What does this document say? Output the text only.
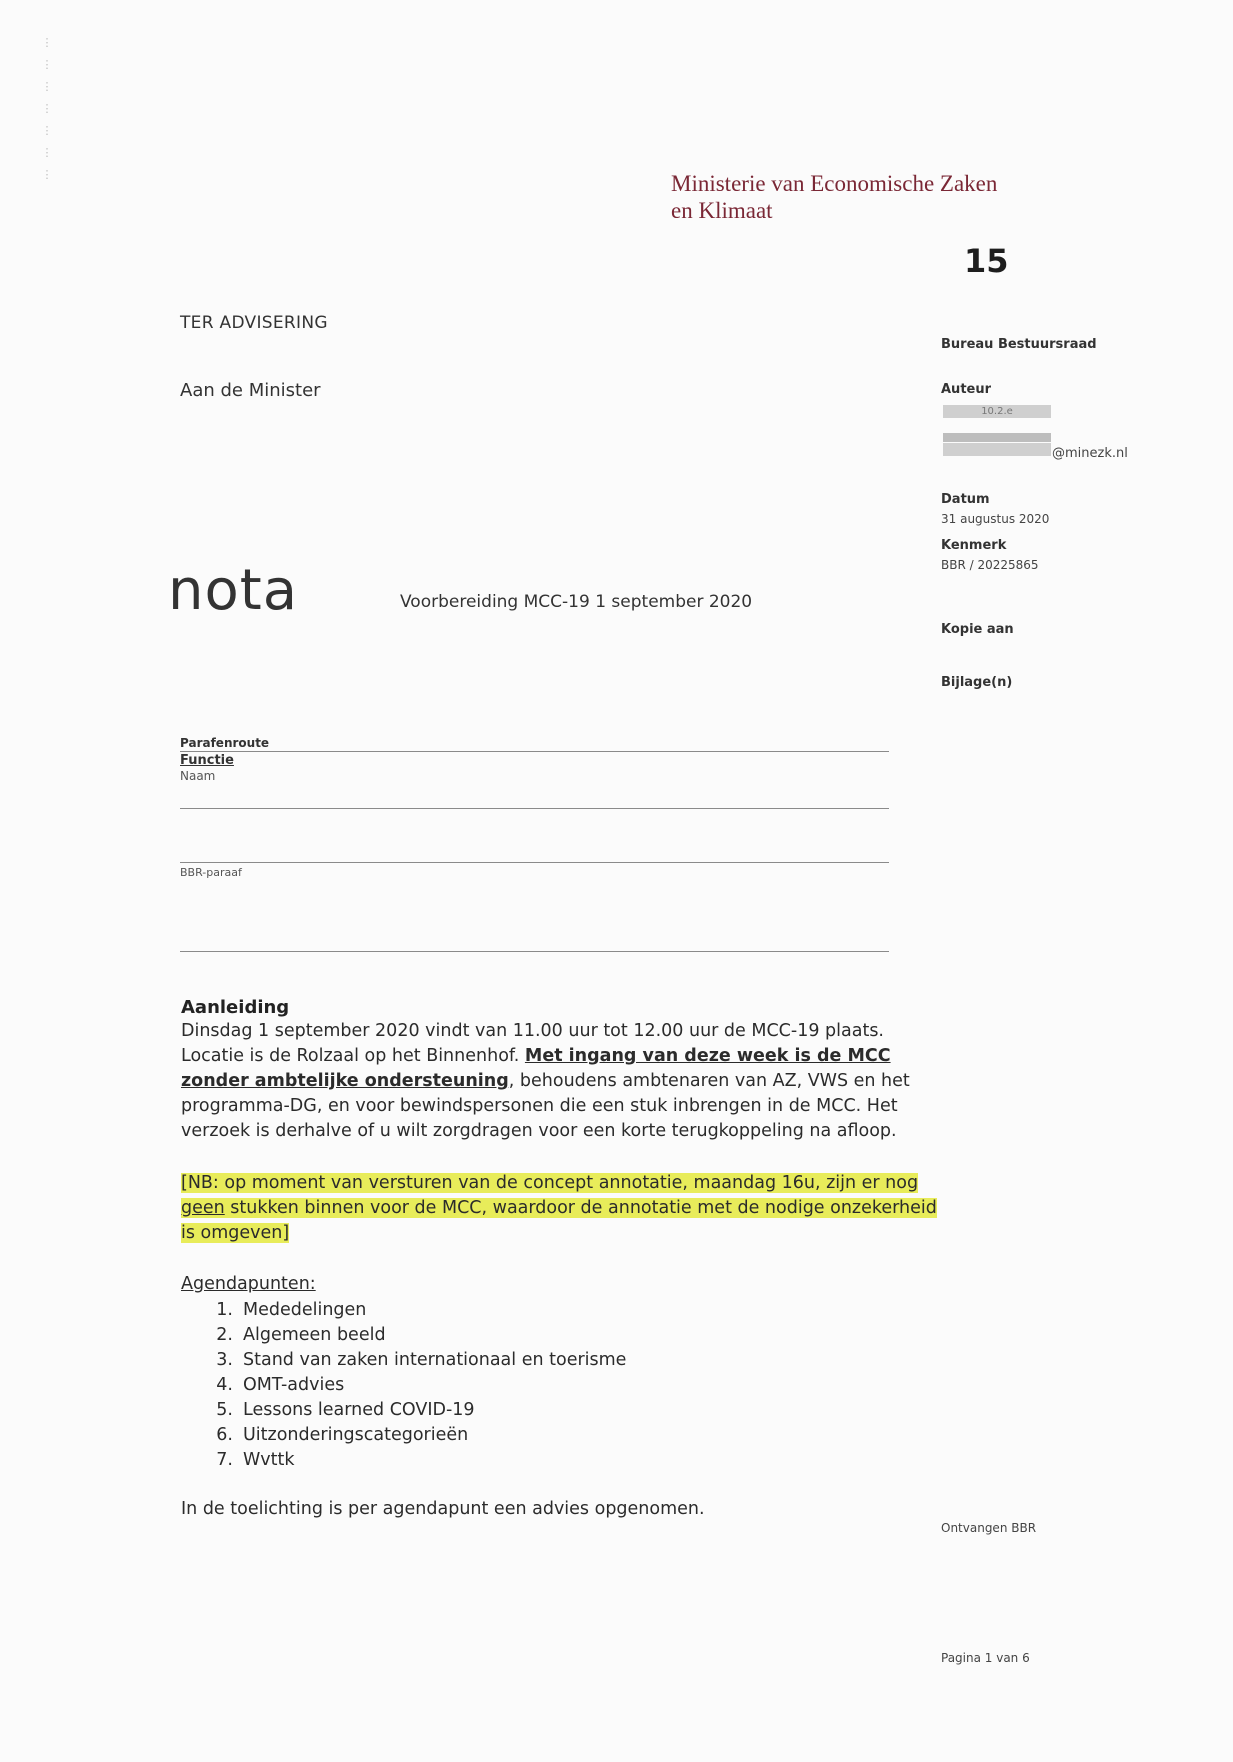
⋮
⋮
⋮
⋮
⋮
⋮
⋮	Ministerie van Economische Zaken
en Klimaat
15
TER ADVISERING
Aan de Minister
nota	Voorbereiding MCC-19 1 september 2020
Bureau Bestuursraad
Auteur
10.2.e
@minezk.nl
Datum
31 augustus 2020
Kenmerk
BBR / 20225865
Kopie aan
Bijlage(n)
Parafenroute
Functie
Naam
BBR-paraaf
Aanleiding

Dinsdag 1 september 2020 vindt van 11.00 uur tot 12.00 uur de MCC-19 plaats. Locatie is de Rolzaal op het Binnenhof. Met ingang van deze week is de MCC zonder ambtelijke ondersteuning, behoudens ambtenaren van AZ, VWS en het programma-DG, en voor bewindspersonen die een stuk inbrengen in de MCC. Het verzoek is derhalve of u wilt zorgdragen voor een korte terugkoppeling na afloop.

[NB: op moment van versturen van de concept annotatie, maandag 16u, zijn er nog geen stukken binnen voor de MCC, waardoor de annotatie met de nodige onzekerheid is omgeven]
Agendapunten:
1. Mededelingen
2. Algemeen beeld
3. Stand van zaken internationaal en toerisme
4. OMT-advies
5. Lessons learned COVID-19
6. Uitzonderingscategorieën
7. Wvttk
In de toelichting is per agendapunt een advies opgenomen.
Ontvangen BBR
Pagina 1 van 6
